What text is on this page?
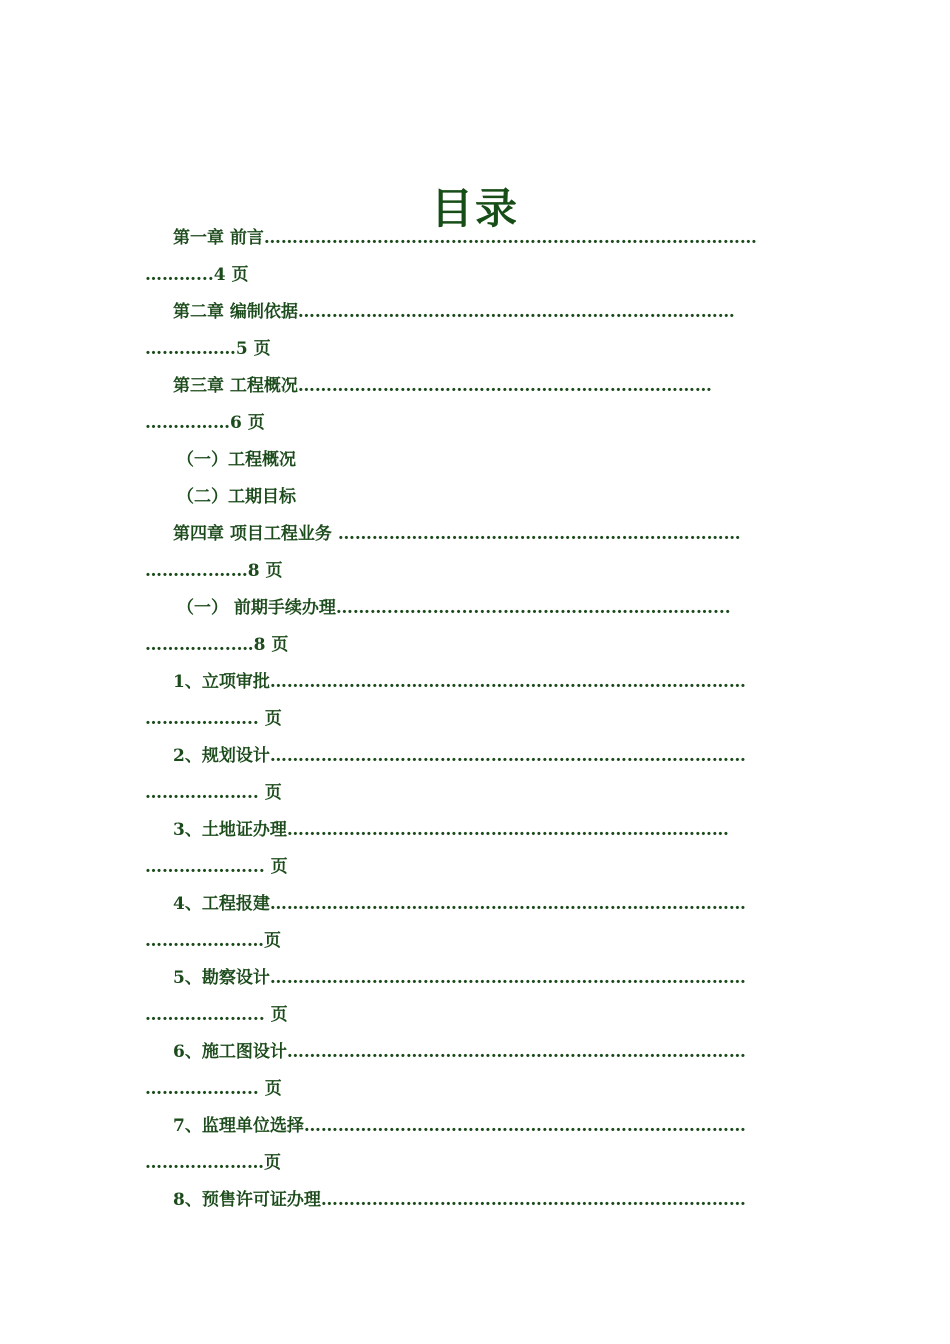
目录
第一章 前言……………………………………………………………………………
………...4 页
第二章 编制依据………………………………………………..…………………
….…………5 页
第三章 工程概况………………………………………….……………………
……………6 页
（一）工程概况
（二）工期目标
第四章 项目工程业务 ……………..………………………………………………
………...……8 页
（一） 前期手续办理………..……….........….……………………………...
…………....…8 页
1、立项审批…………………………………………………………………………
……………….. 页
2、规划设计…………………………………………………………………………
……………….. 页
3、土地证办理……………………………………………………………………
………………... 页
4、工程报建…………………………………………………………………………
…………………页
5、勘察设计…………………………………………………………………………
………………... 页
6、施工图设计………………………………………………………………………
……………….. 页
7、监理单位选择……………………………………………………………………
…………………页
8、预售许可证办理…………………………………………………………………
